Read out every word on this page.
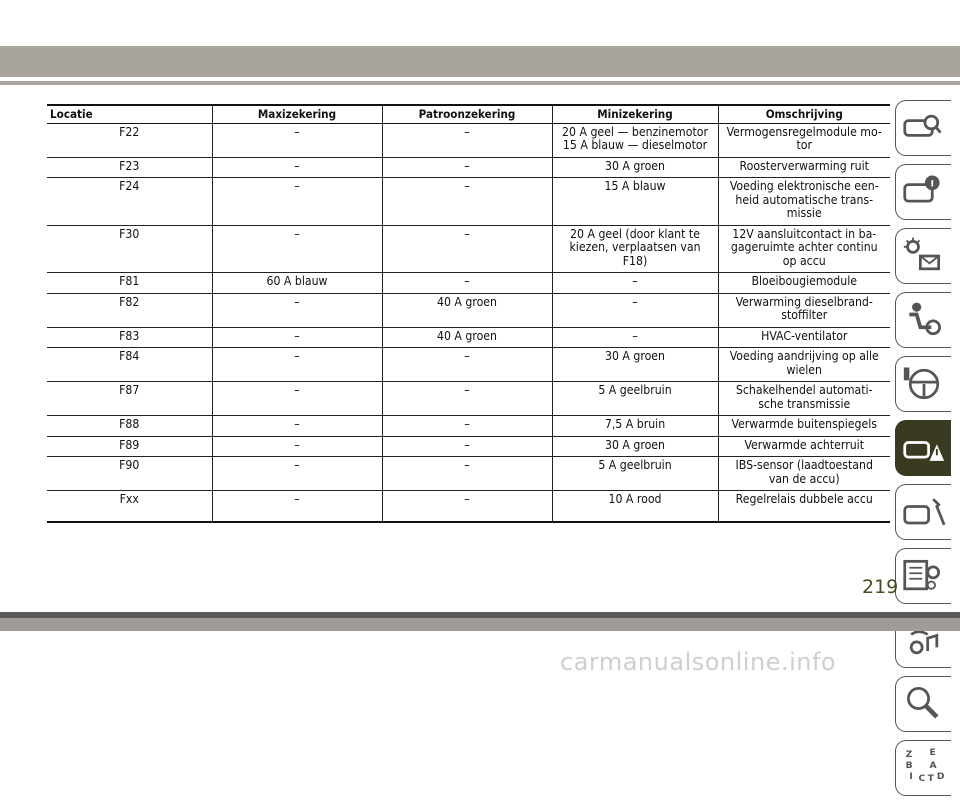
Locatie	Maxizekering	Patroonzekering	Minizekering	Omschrijving
F22	–	–	20 A geel — benzinemotor
15 A blauw — dieselmotor	Vermogensregelmodule mo-
tor
F23	–	–	30 A groen	Roosterverwarming ruit
F24	–	–	15 A blauw	Voeding elektronische een-
heid automatische trans-
missie
F30	–	–	20 A geel (door klant te
kiezen, verplaatsen van
F18)	12V aansluitcontact in ba-
gageruimte achter continu
op accu
F81	60 A blauw	–	–	Bloeibougiemodule
F82	–	40 A groen	–	Verwarming dieselbrand-
stoffilter
F83	–	40 A groen	–	HVAC-ventilator
F84	–	–	30 A groen	Voeding aandrijving op alle
wielen
F87	–	–	5 A geelbruin	Schakelhendel automati-
sche transmissie
F88	–	–	7,5 A bruin	Verwarmde buitenspiegels
F89	–	–	30 A groen	Verwarmde achterruit
F90	–	–	5 A geelbruin	IBS-sensor (laadtoestand
van de accu)
Fxx	–	–	10 A rood	Regelrelais dubbele accu
Z E
B A
I C T D
219
carmanualsonline.info
